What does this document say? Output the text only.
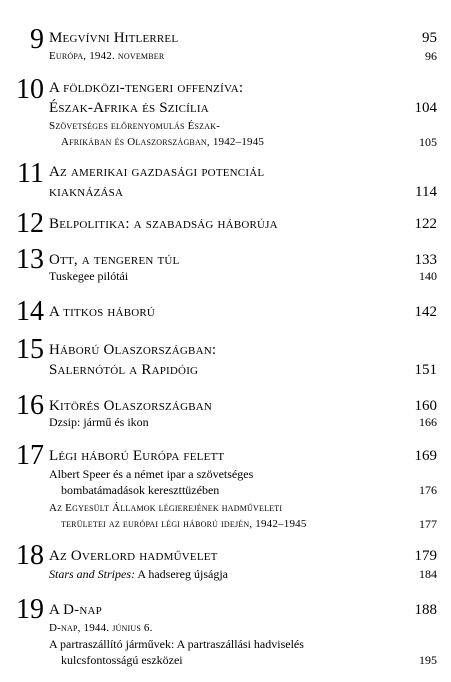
9 Megvívni Hitlerrel	95
Európa, 1942. november	96
10 A földközi-tengeri offenzíva:
Észak-Afrika és Szicília	104
Szövetséges előrenyomulás Észak-
Afrikában és Olaszországban, 1942–1945	105
11 Az amerikai gazdasági potenciál
kiaknázása	114
12 Belpolitika: a szabadság háborúja	122
13 Ott, a tengeren túl	133
Tuskegee pilótái	140
14 A titkos háború	142
15 Háború Olaszországban:
Salernótól a Rapidóig	151
16 Kitörés Olaszországban	160
Dzsip: jármű és ikon	166
17 Légi háború Európa felett	169
Albert Speer és a német ipar a szövetséges
bombatámadások kereszttüzében	176
Az Egyesült Államok légierejének hadműveleti
területei az európai légi háború idején, 1942–1945	177
18 Az Overlord hadművelet	179
Stars and Stripes: A hadsereg újságja	184
19 A D-nap	188
D-nap, 1944. június 6.
A partraszállító járművek: A partraszállási hadviselés
kulcsfontosságú eszközei	195
